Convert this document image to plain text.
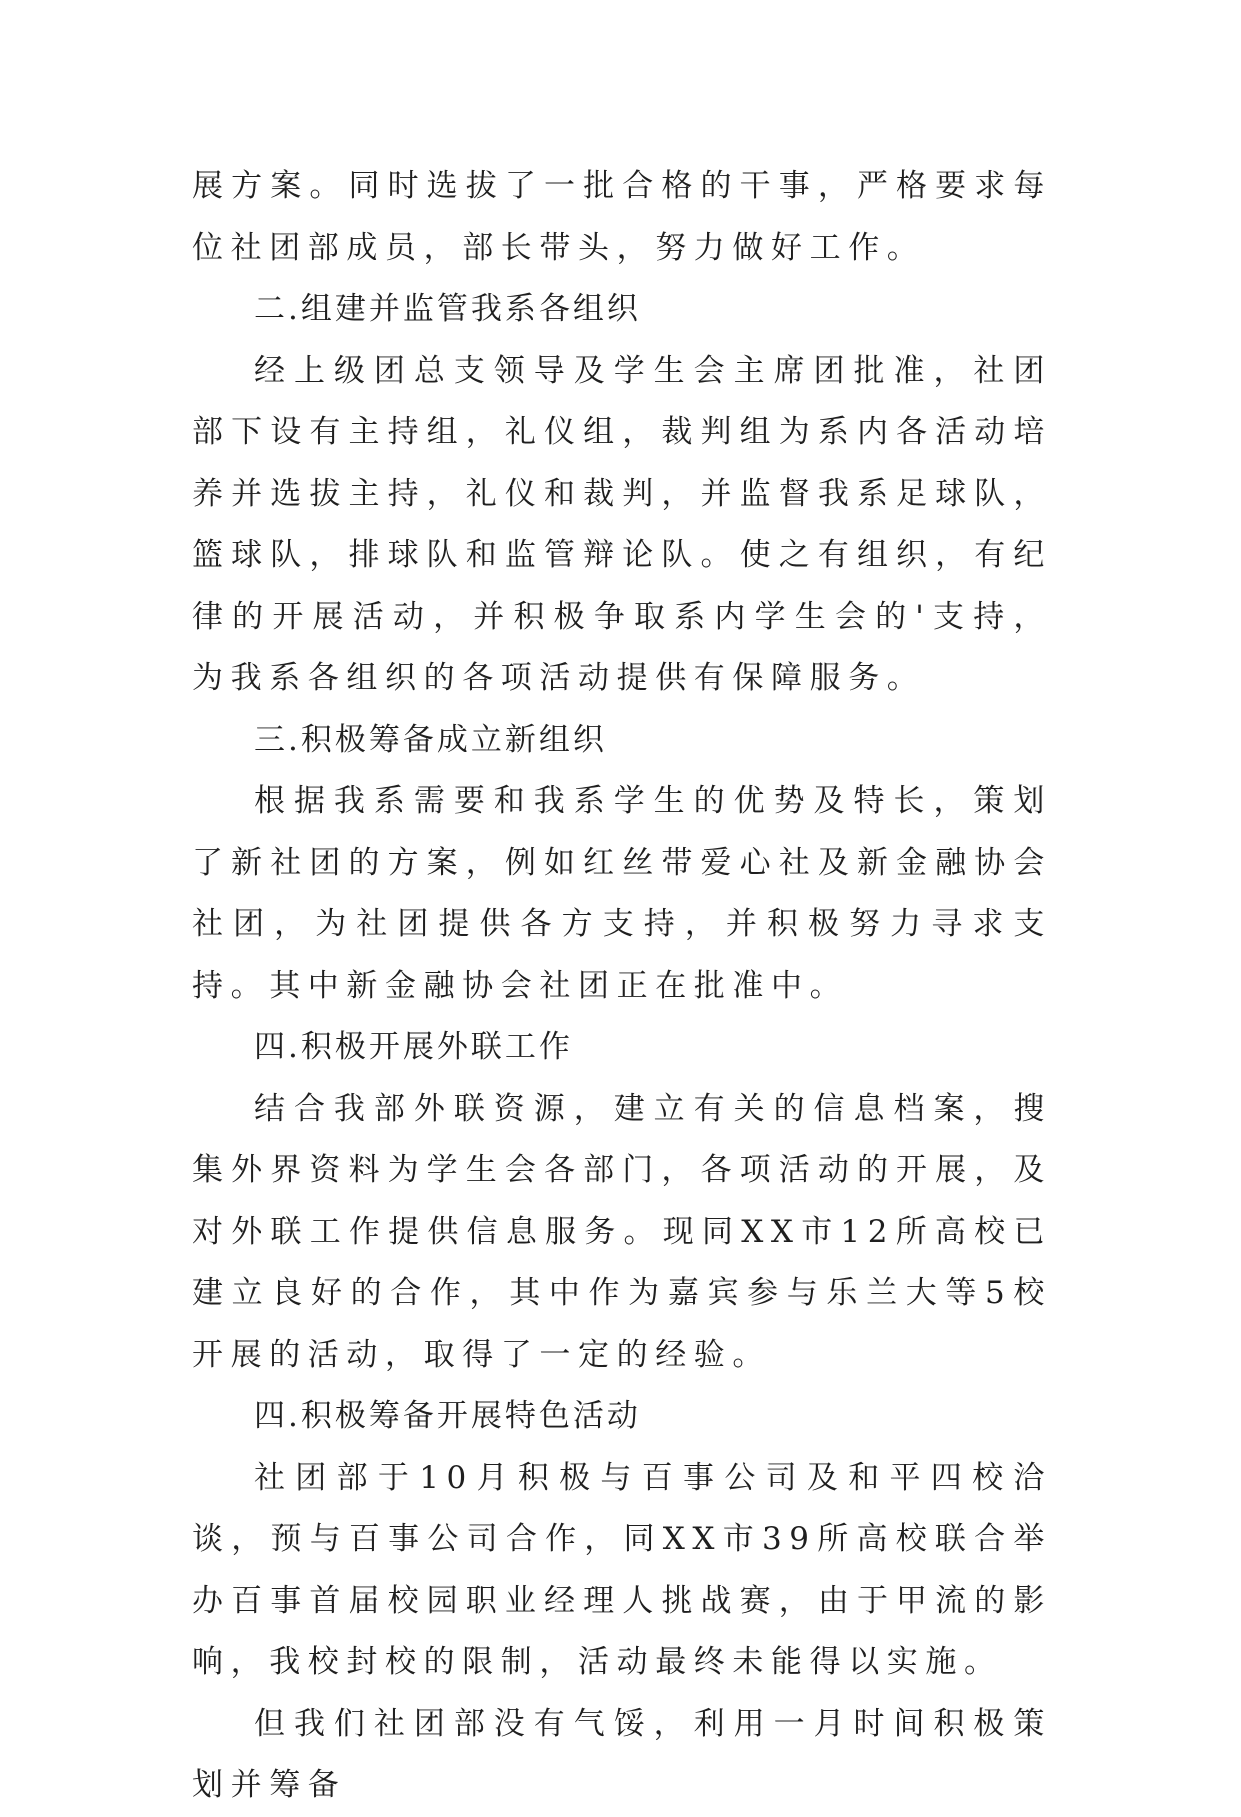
展方案。同时选拔了一批合格的干事，严格要求每位社团部成员，部长带头，努力做好工作。

二.组建并监管我系各组织

经上级团总支领导及学生会主席团批准，社团部下设有主持组，礼仪组，裁判组为系内各活动培养并选拔主持，礼仪和裁判，并监督我系足球队，篮球队，排球队和监管辩论队。使之有组织，有纪律的开展活动，并积极争取系内学生会的'支持，为我系各组织的各项活动提供有保障服务。

三.积极筹备成立新组织

根据我系需要和我系学生的优势及特长，策划了新社团的方案，例如红丝带爱心社及新金融协会社团，为社团提供各方支持，并积极努力寻求支持。其中新金融协会社团正在批准中。

四.积极开展外联工作

结合我部外联资源，建立有关的信息档案，搜集外界资料为学生会各部门，各项活动的开展，及对外联工作提供信息服务。现同XX市12所高校已建立良好的合作，其中作为嘉宾参与乐兰大等5校开展的活动，取得了一定的经验。

四.积极筹备开展特色活动

社团部于10月积极与百事公司及和平四校洽谈，预与百事公司合作，同XX市39所高校联合举办百事首届校园职业经理人挑战赛，由于甲流的影响，我校封校的限制，活动最终未能得以实施。

但我们社团部没有气馁，利用一月时间积极策划并筹备
